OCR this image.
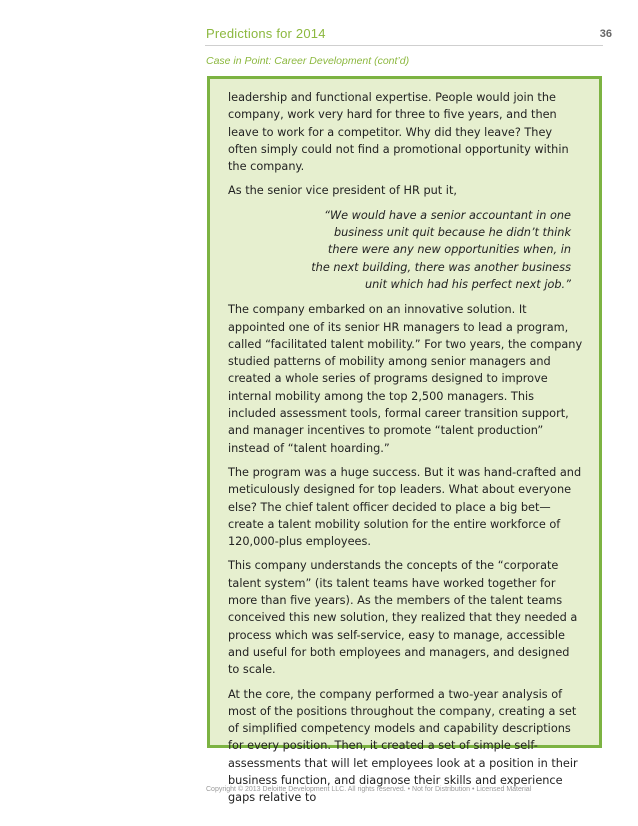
Predictions for 2014	36
Case in Point: Career Development (cont’d)

leadership and functional expertise. People would join the company, work very hard for three to five years, and then leave to work for a competitor. Why did they leave? They often simply could not find a promotional opportunity within the company.

As the senior vice president of HR put it,

“We would have a senior accountant in one
business unit quit because he didn’t think
there were any new opportunities when, in
the next building, there was another business
unit which had his perfect next job.”

The company embarked on an innovative solution. It appointed one of its senior HR managers to lead a program, called “facilitated talent mobility.” For two years, the company studied patterns of mobility among senior managers and created a whole series of programs designed to improve internal mobility among the top 2,500 managers. This included assessment tools, formal career transition support, and manager incentives to promote “talent production” instead of “talent hoarding.”

The program was a huge success. But it was hand-crafted and meticulously designed for top leaders. What about everyone else? The chief talent officer decided to place a big bet—create a talent mobility solution for the entire workforce of 120,000-plus employees.

This company understands the concepts of the “corporate talent system” (its talent teams have worked together for more than five years). As the members of the talent teams conceived this new solution, they realized that they needed a process which was self-service, easy to manage, accessible and useful for both employees and managers, and designed to scale.

At the core, the company performed a two-year analysis of most of the positions throughout the company, creating a set of simplified competency models and capability descriptions for every position. Then, it created a set of simple self-assessments that will let employees look at a position in their business function, and diagnose their skills and experience gaps relative to

Copyright © 2013 Deloitte Development LLC. All rights reserved. • Not for Distribution • Licensed Material
